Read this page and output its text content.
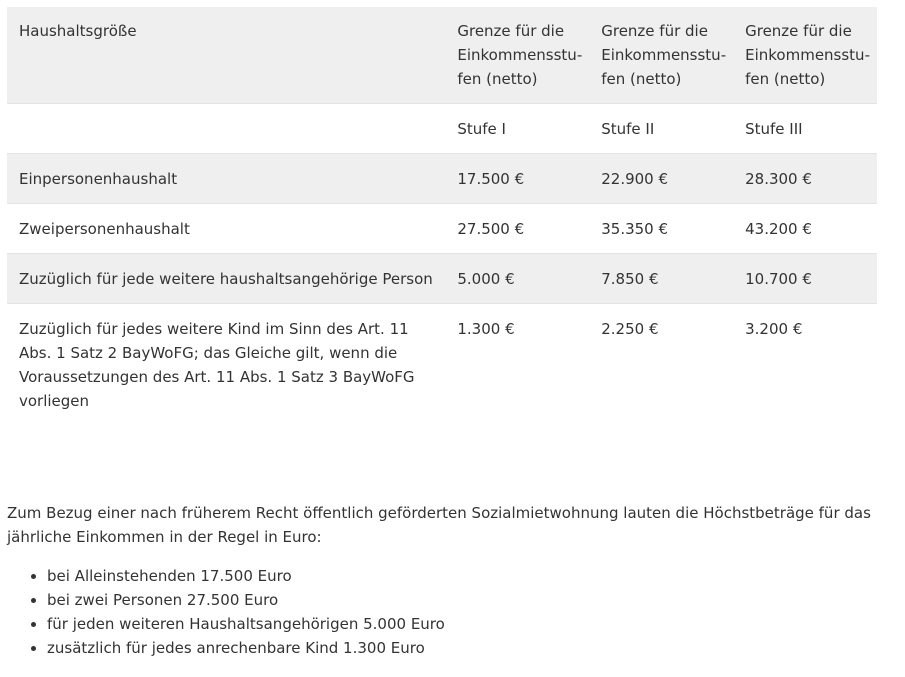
Haushaltsgröße	Grenze für die Einkommensstu-fen (netto)	Grenze für die Einkommensstu-fen (netto)	Grenze für die Einkommensstu-fen (netto)
	Stufe I	Stufe II	Stufe III
Einpersonenhaushalt	17.500 €	22.900 €	28.300 €
Zweipersonenhaushalt	27.500 €	35.350 €	43.200 €
Zuzüglich für jede weitere haushaltsangehörige Person	5.000 €	7.850 €	10.700 €
Zuzüglich für jedes weitere Kind im Sinn des Art. 11 Abs. 1 Satz 2 BayWoFG; das Gleiche gilt, wenn die Voraussetzungen des Art. 11 Abs. 1 Satz 3 BayWoFG vorliegen	1.300 €	2.250 €	3.200 €

Zum Bezug einer nach früherem Recht öffentlich geförderten Sozialmietwohnung lauten die Höchstbeträge für das jährliche Einkommen in der Regel in Euro:

• bei Alleinstehenden 17.500 Euro
• bei zwei Personen 27.500 Euro
• für jeden weiteren Haushaltsangehörigen 5.000 Euro
• zusätzlich für jedes anrechenbare Kind 1.300 Euro
